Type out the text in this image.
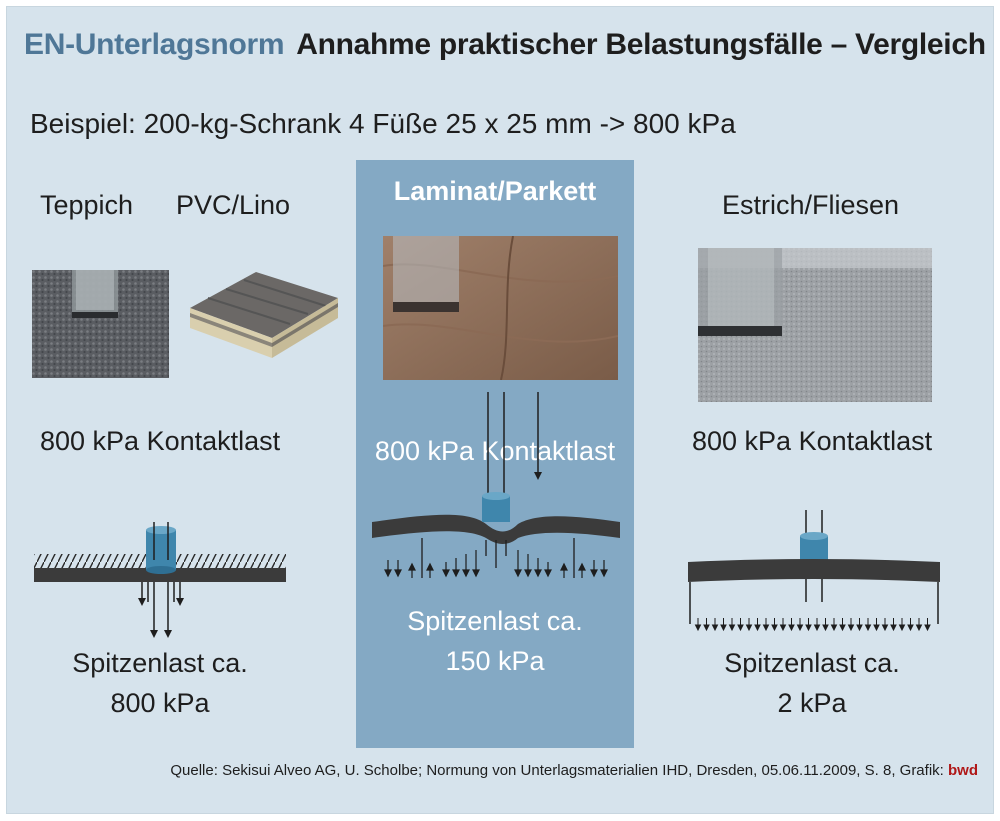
EN-Unterlagsnorm Annahme praktischer Belastungsfälle – Vergleich
Beispiel: 200-kg-Schrank 4 Füße 25 x 25 mm -> 800 kPa
Laminat/Parkett
Teppich PVC/Lino	Estrich/Fliesen
800 kPa Kontaktlast	800 kPa Kontaktlast	800 kPa Kontaktlast
Spitzenlast ca.
800 kPa
Spitzenlast ca.
150 kPa	Spitzenlast ca.
2 kPa
Quelle: Sekisui Alveo AG, U. Scholbe; Normung von Unterlagsmaterialien IHD, Dresden, 05.06.11.2009, S. 8, Grafik: bwd
